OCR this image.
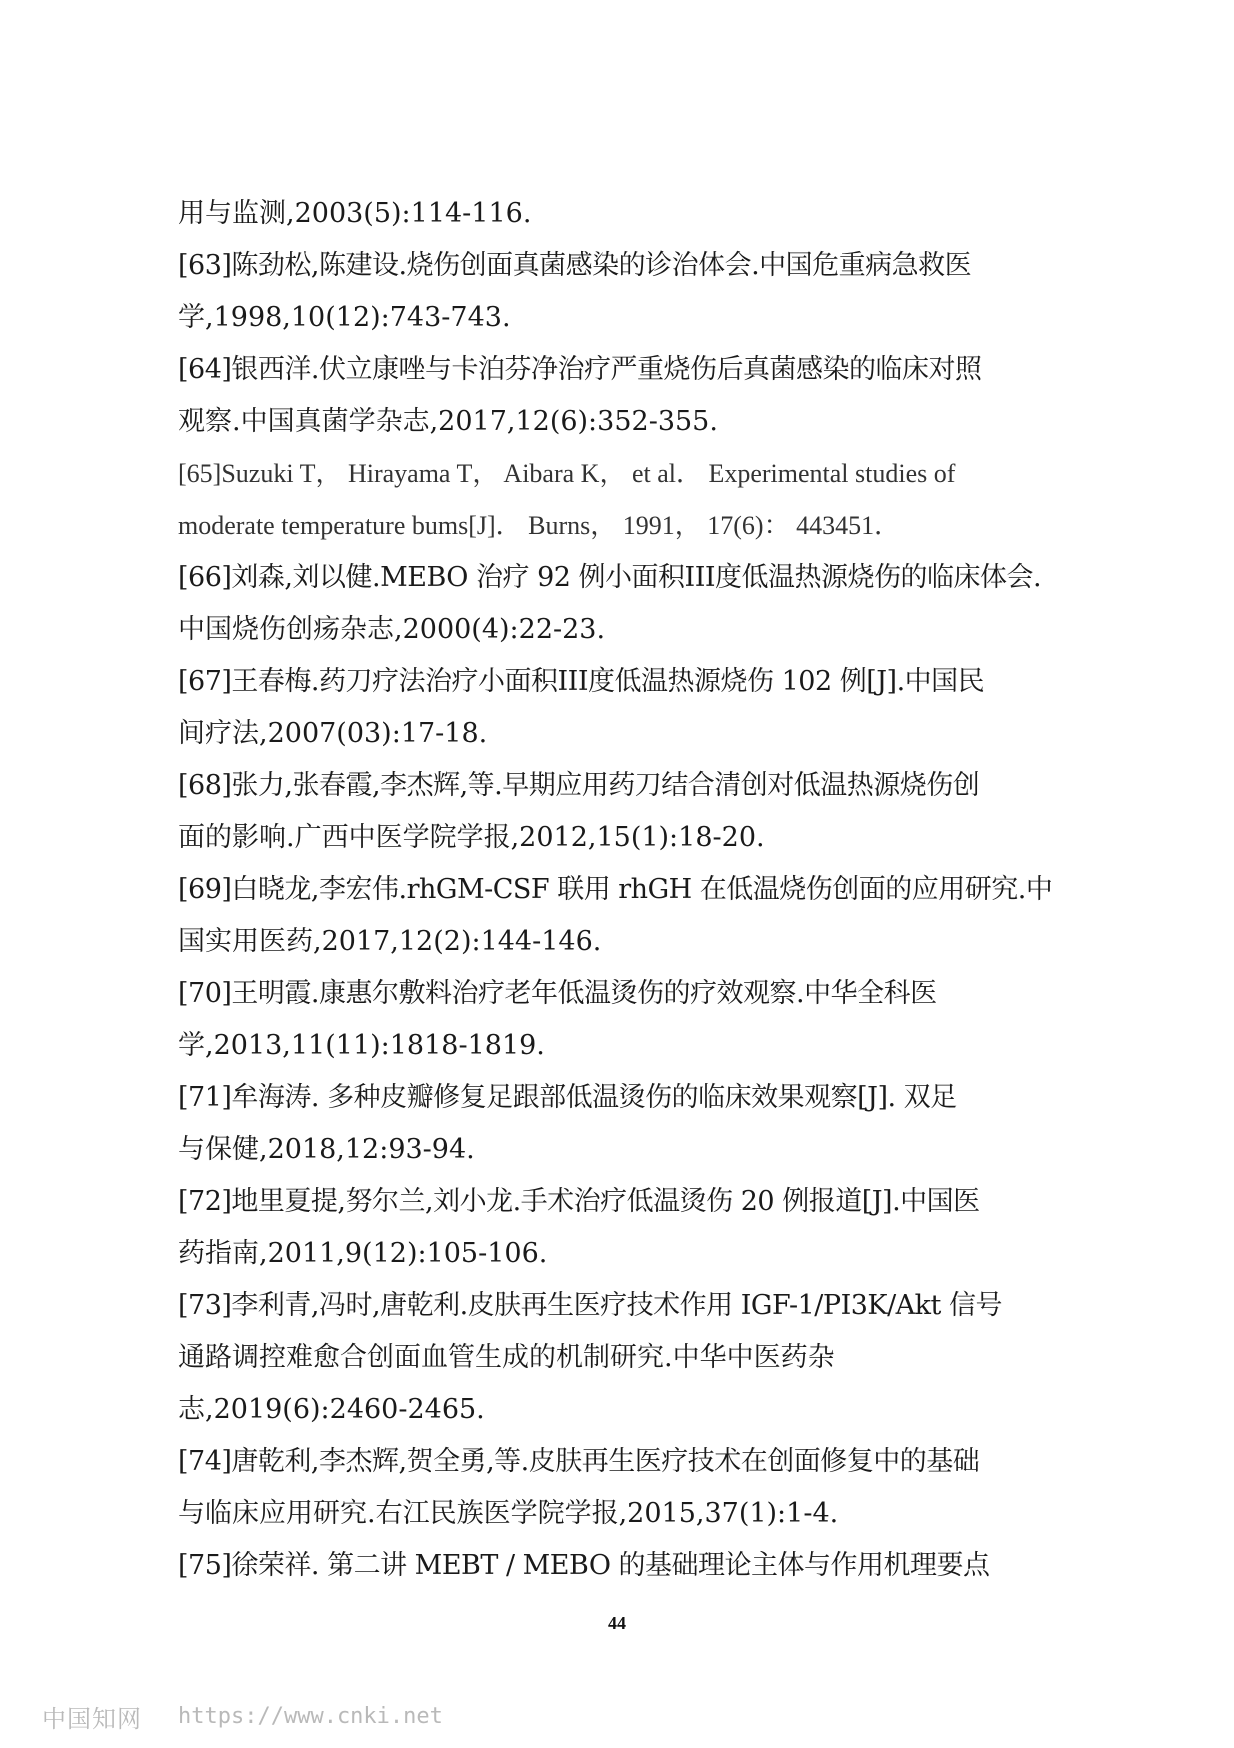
用与监测,2003(5):114-116.
[63]陈劲松,陈建设.烧伤创面真菌感染的诊治体会.中国危重病急救医
学,1998,10(12):743-743.
[64]银西洋.伏立康唑与卡泊芬净治疗严重烧伤后真菌感染的临床对照
观察.中国真菌学杂志,2017,12(6):352-355.
[65]Suzuki T， Hirayama T， Aibara K， et al． Experimental studies of
moderate temperature bums[J]． Burns， 1991， 17(6)： 443451．
[66]刘森,刘以健.MEBO 治疗 92 例小面积III度低温热源烧伤的临床体会.
中国烧伤创疡杂志,2000(4):22-23.
[67]王春梅.药刀疗法治疗小面积III度低温热源烧伤 102 例[J].中国民
间疗法,2007(03):17-18.
[68]张力,张春霞,李杰辉,等.早期应用药刀结合清创对低温热源烧伤创
面的影响.广西中医学院学报,2012,15(1):18-20.
[69]白晓龙,李宏伟.rhGM-CSF 联用 rhGH 在低温烧伤创面的应用研究.中
国实用医药,2017,12(2):144-146.
[70]王明霞.康惠尔敷料治疗老年低温烫伤的疗效观察.中华全科医
学,2013,11(11):1818-1819.
[71]牟海涛. 多种皮瓣修复足跟部低温烫伤的临床效果观察[J]. 双足
与保健,2018,12:93-94.
[72]地里夏提,努尔兰,刘小龙.手术治疗低温烫伤 20 例报道[J].中国医
药指南,2011,9(12):105-106.
[73]李利青,冯时,唐乾利.皮肤再生医疗技术作用 IGF-1/PI3K/Akt 信号
通路调控难愈合创面血管生成的机制研究.中华中医药杂
志,2019(6):2460-2465.
[74]唐乾利,李杰辉,贺全勇,等.皮肤再生医疗技术在创面修复中的基础
与临床应用研究.右江民族医学院学报,2015,37(1):1-4.
[75]徐荣祥. 第二讲 MEBT / MEBO 的基础理论主体与作用机理要点
44
中国知网 https://www.cnki.net
